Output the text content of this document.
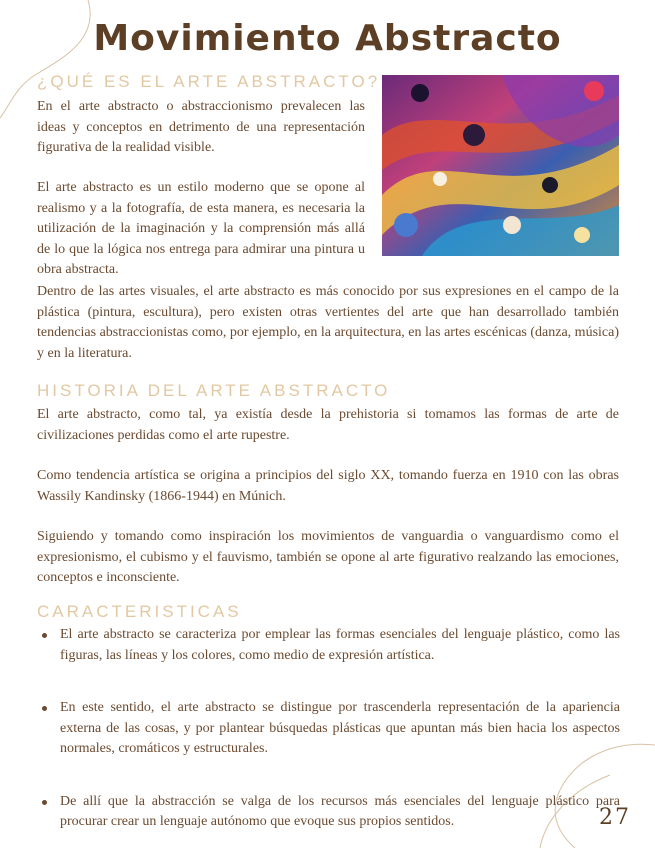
Movimiento Abstracto
¿QUÉ ES EL ARTE ABSTRACTO?

En el arte abstracto o abstraccionismo prevalecen las ideas y conceptos en detrimento de una representación figurativa de la realidad visible.

El arte abstracto es un estilo moderno que se opone al realismo y a la fotografía, de esta manera, es necesaria la utilización de la imaginación y la comprensión más allá de lo que la lógica nos entrega para admirar una pintura u obra abstracta.

Dentro de las artes visuales, el arte abstracto es más conocido por sus expresiones en el campo de la plástica (pintura, escultura), pero existen otras vertientes del arte que han desarrollado también tendencias abstraccionistas como, por ejemplo, en la arquitectura, en las artes escénicas (danza, música) y en la literatura.

HISTORIA DEL ARTE ABSTRACTO

El arte abstracto, como tal, ya existía desde la prehistoria si tomamos las formas de arte de civilizaciones perdidas como el arte rupestre.

Como tendencia artística se origina a principios del siglo XX, tomando fuerza en 1910 con las obras Wassily Kandinsky (1866-1944) en Múnich.

Siguiendo y tomando como inspiración los movimientos de vanguardia o vanguardismo como el expresionismo, el cubismo y el fauvismo, también se opone al arte figurativo realzando las emociones, conceptos e inconsciente.

CARACTERISTICAS
El arte abstracto se caracteriza por emplear las formas esenciales del lenguaje plástico, como las figuras, las líneas y los colores, como medio de expresión artística.
En este sentido, el arte abstracto se distingue por trascenderla representación de la apariencia externa de las cosas, y por plantear búsquedas plásticas que apuntan más bien hacia los aspectos normales, cromáticos y estructurales.
De allí que la abstracción se valga de los recursos más esenciales del lenguaje plástico para procurar crear un lenguaje autónomo que evoque sus propios sentidos.	27
